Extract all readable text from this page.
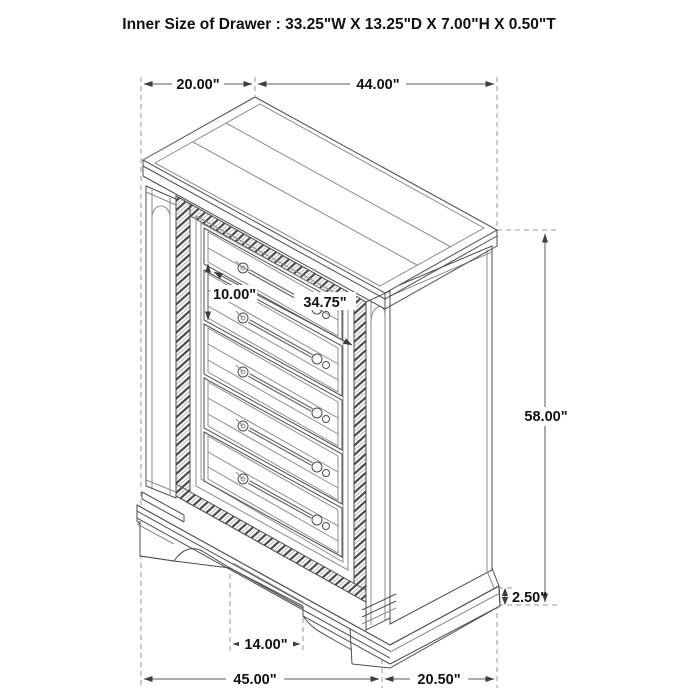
Inner Size of Drawer : 33.25"W X 13.25"D X 7.00"H X 0.50"T
20.00"	44.00"
10.00"	34.75"
58.00"
2.50"
14.00"
45.00"	20.50"
